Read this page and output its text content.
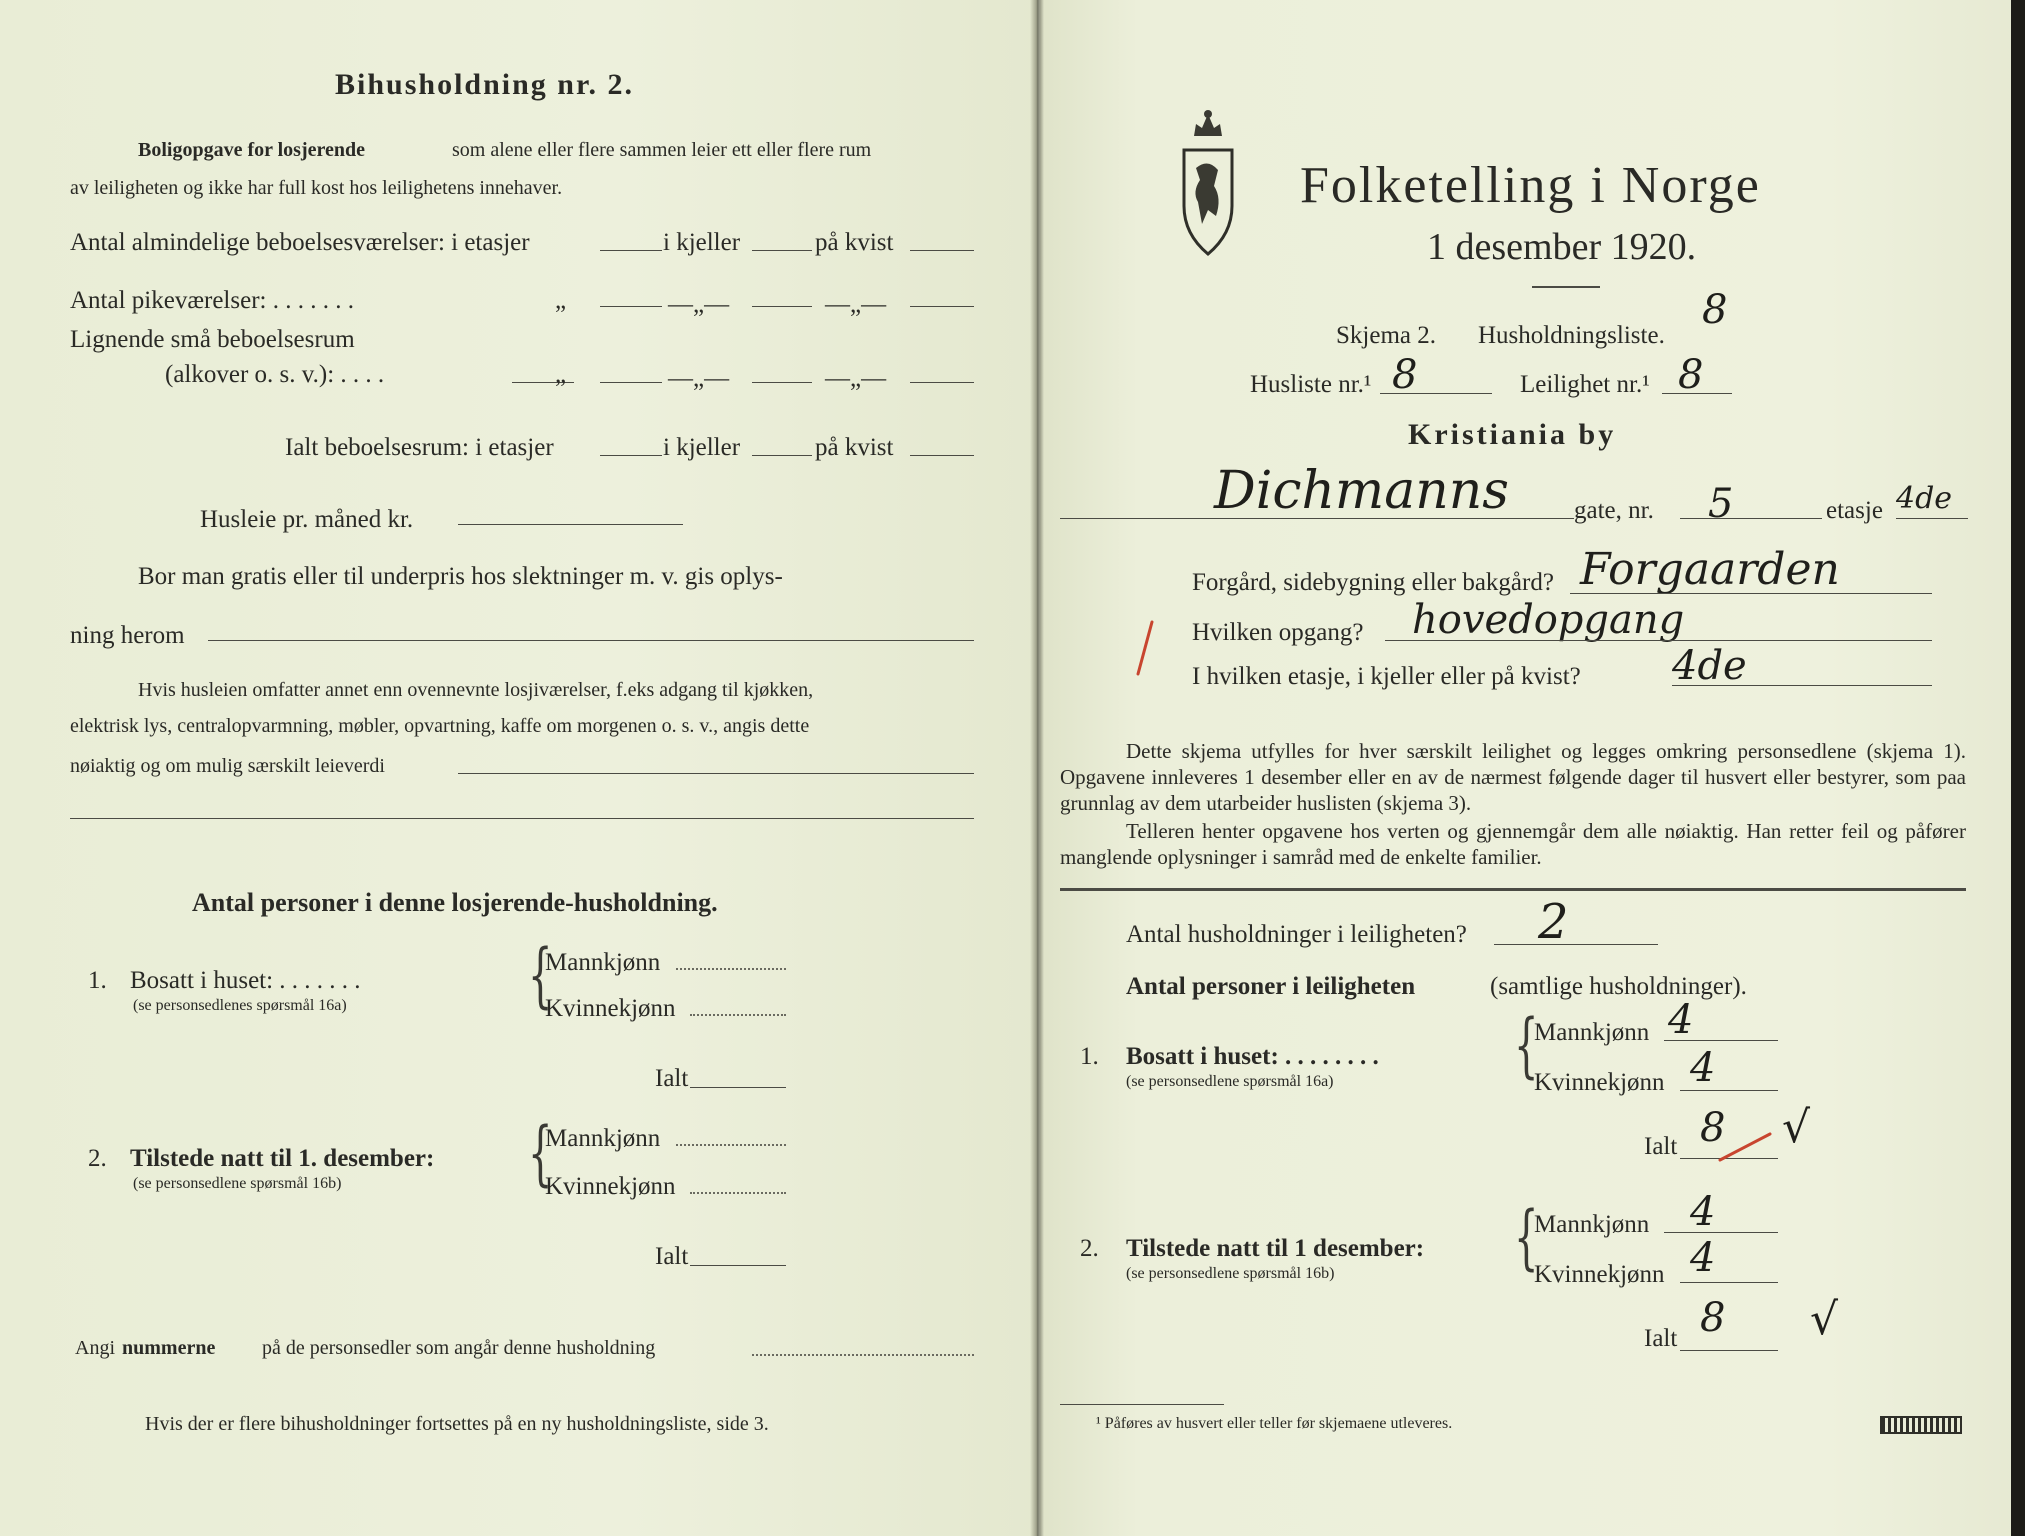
Bihusholdning nr. 2.
Boligopgave for losjerende	som alene eller flere sammen leier ett eller flere rum
av leiligheten og ikke har full kost hos leilighetens innehaver.
Antal almindelige beboelsesværelser: i etasjer	i kjeller	på kvist
Antal pikeværelser: . . . . . . .	„	—„—	—„—
Lignende små beboelsesrum
(alkover o. s. v.): . . . .	„	—„—	—„—
Ialt beboelsesrum: i etasjer	i kjeller	på kvist
Husleie pr. måned kr.
Bor man gratis eller til underpris hos slektninger m. v. gis oplys-
ning herom
Hvis husleien omfatter annet enn ovennevnte losjiværelser, f.eks adgang til kjøkken,
elektrisk lys, centralopvarmning, møbler, opvartning, kaffe om morgenen o. s. v., angis dette
nøiaktig og om mulig særskilt leieverdi
Antal personer i denne losjerende-husholdning.
1. Bosatt i huset: . . . . . . .
(se personsedlenes spørsmål 16a)	{
Mannkjønn
Kvinnekjønn
Ialt
2. Tilstede natt til 1. desember:
(se personsedlene spørsmål 16b)	{
Mannkjønn
Kvinnekjønn
Ialt
Angi nummerne på de personsedler som angår denne husholdning
Hvis der er flere bihusholdninger fortsettes på en ny husholdningsliste, side 3.
Folketelling i Norge
1 desember 1920.
Skjema 2. Husholdningsliste.
8
Husliste nr.¹ 8	Leilighet nr.¹ 8
Kristiania by
Dichmanns	gate, nr. 5	etasje 4de
Forgård, sidebygning eller bakgård? Forgaarden
Hvilken opgang? hovedopgang
I hvilken etasje, i kjeller eller på kvist? 4de
Dette skjema utfylles for hver særskilt leilighet og legges omkring personsedlene (skjema 1). Opgavene innleveres 1 desember eller en av de nærmest følgende dager til husvert eller bestyrer, som paa grunnlag av dem utarbeider huslisten (skjema 3).
Telleren henter opgavene hos verten og gjennemgår dem alle nøiaktig. Han retter feil og påfører manglende oplysninger i samråd med de enkelte familier.
Antal husholdninger i leiligheten? 2
Antal personer i leiligheten	(samtlige husholdninger).
1. Bosatt i huset: . . . . . . . .
(se personsedlene spørsmål 16a)	{
Mannkjønn 4
Kvinnekjønn 4
Ialt 8 √
2. Tilstede natt til 1 desember:
(se personsedlene spørsmål 16b)	{
Mannkjønn 4
Kvinnekjønn 4
Ialt 8 √
¹ Påføres av husvert eller teller før skjemaene utleveres.
